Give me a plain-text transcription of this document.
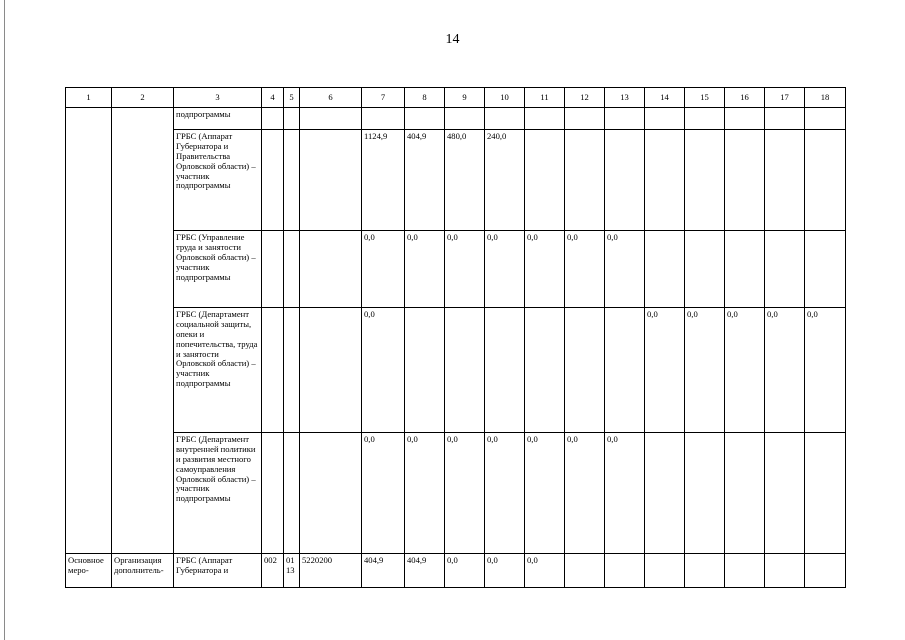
14
1	2	3	4	5	6	7	8	9	10	11	12	13	14	15	16	17	18
		подпрограммы															
		ГРБС (Аппарат Губернатора и Правительства Орловской области) – участник подпрограммы				1124,9	404,9	480,0	240,0								
		ГРБС (Управление труда и занятости Орловской области) – участник подпрограммы				0,0	0,0	0,0	0,0	0,0	0,0	0,0					
		ГРБС (Департамент социальной защиты, опеки и попечительства, труда и занятости Орловской области) – участник подпрограммы				0,0							0,0	0,0	0,0	0,0	0,0
		ГРБС (Департамент внутренней политики и развития местного самоуправления Орловской области) – участник подпрограммы				0,0	0,0	0,0	0,0	0,0	0,0	0,0					
Основное меро-	Организация дополнитель-	ГРБС (Аппарат Губернатора и	002	01 13	5220200	404,9	404,9	0,0	0,0	0,0							
